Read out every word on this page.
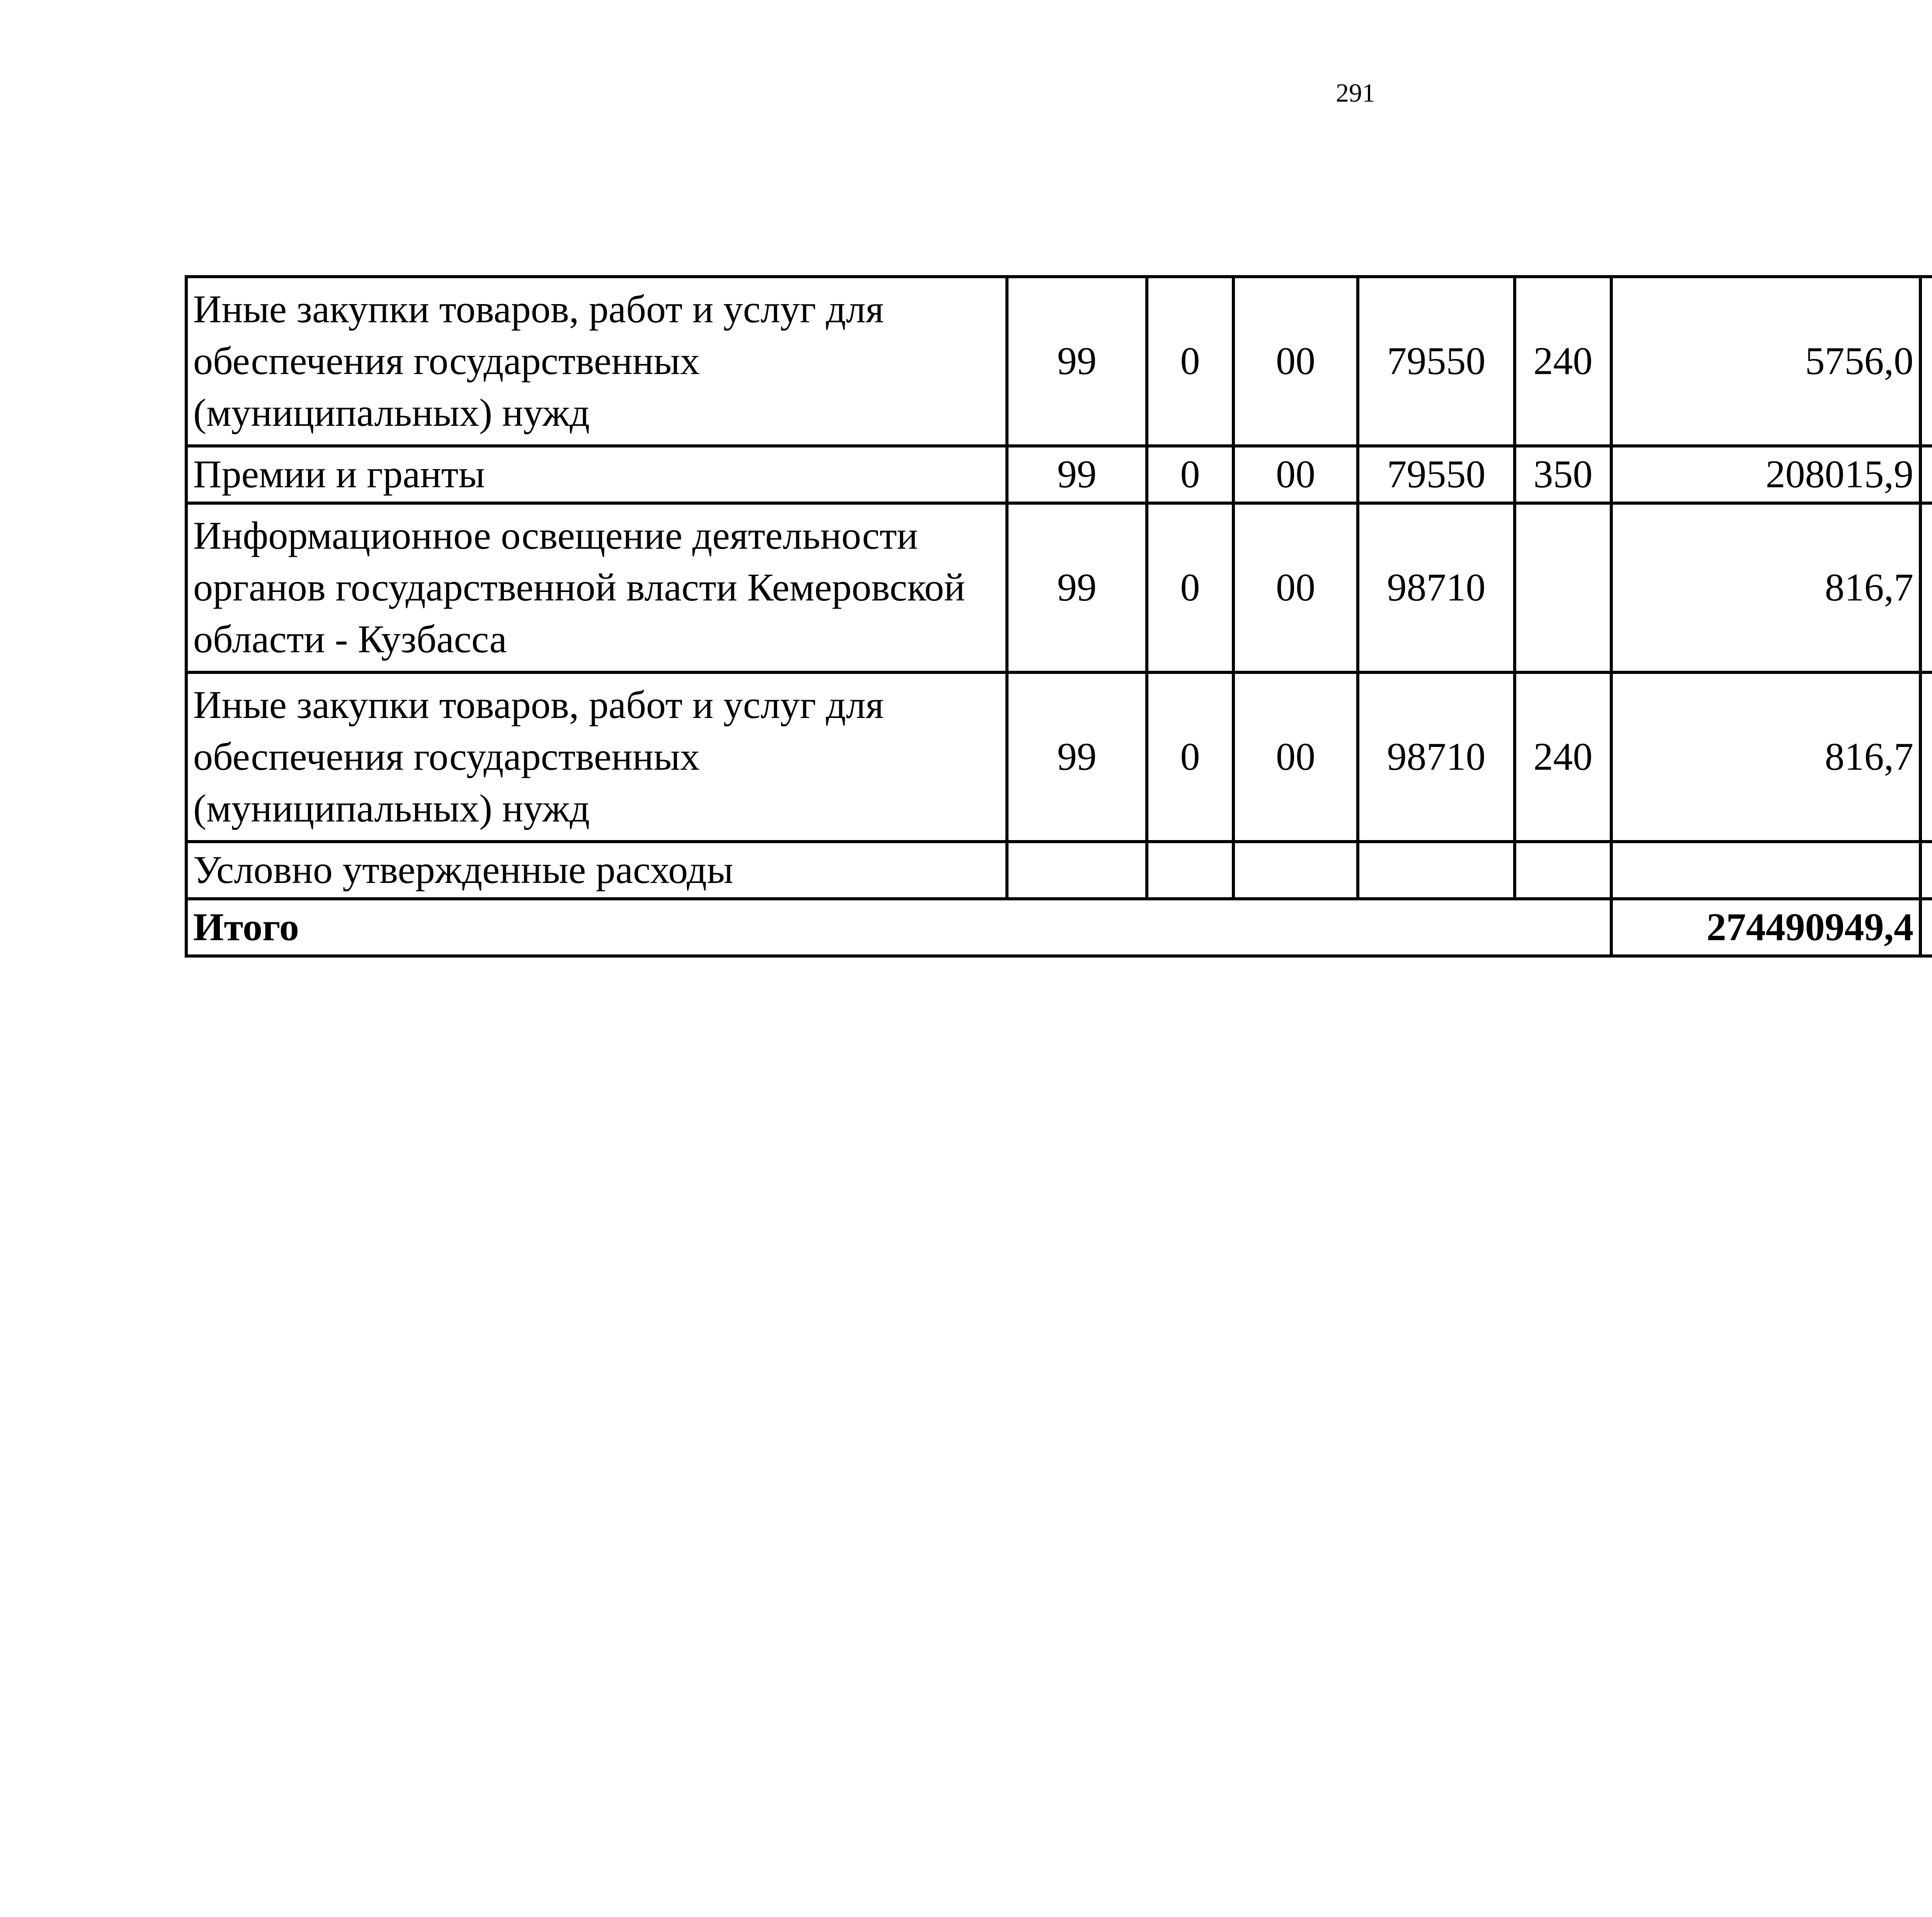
291
Иные закупки товаров, работ и услуг для обеспечения государственных (муниципальных) нужд	99	0	00	79550	240	5756,0		
Премии и гранты	99	0	00	79550	350	208015,9		
Информационное освещение деятельности органов государственной власти Кемеровской области - Кузбасса	99	0	00	98710		816,7		
Иные закупки товаров, работ и услуг для обеспечения государственных (муниципальных) нужд	99	0	00	98710	240	816,7		
Условно утвержденные расходы								
Итого						274490949,4		
